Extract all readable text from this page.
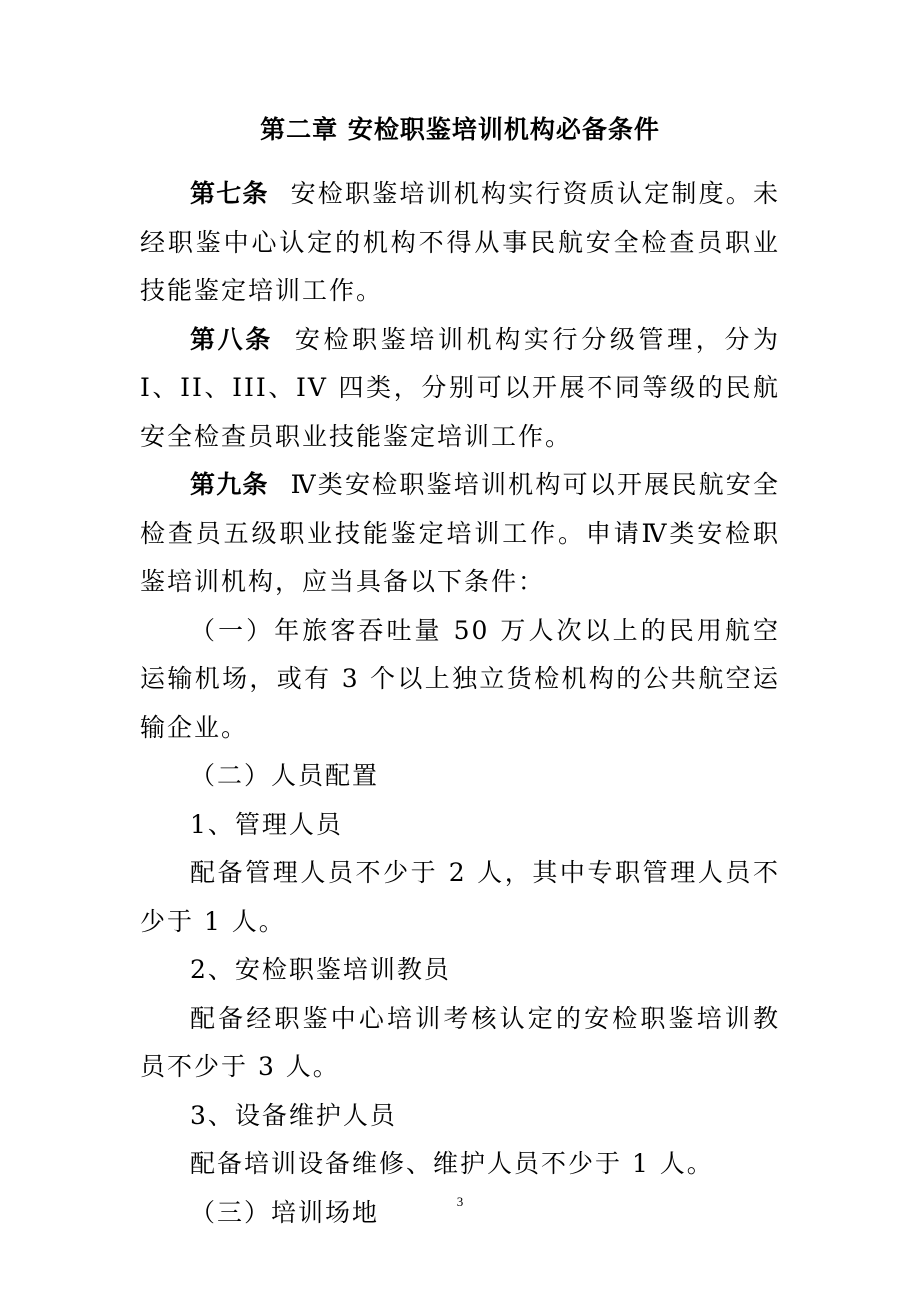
第二章 安检职鉴培训机构必备条件

第七条 安检职鉴培训机构实行资质认定制度。未经职鉴中心认定的机构不得从事民航安全检查员职业技能鉴定培训工作。

第八条 安检职鉴培训机构实行分级管理，分为 I、II、III、IV 四类，分别可以开展不同等级的民航安全检查员职业技能鉴定培训工作。

第九条 Ⅳ类安检职鉴培训机构可以开展民航安全检查员五级职业技能鉴定培训工作。申请Ⅳ类安检职鉴培训机构，应当具备以下条件：

（一）年旅客吞吐量 50 万人次以上的民用航空运输机场，或有 3 个以上独立货检机构的公共航空运输企业。

（二）人员配置

1、管理人员

配备管理人员不少于 2 人，其中专职管理人员不少于 1 人。

2、安检职鉴培训教员

配备经职鉴中心培训考核认定的安检职鉴培训教员不少于 3 人。

3、设备维护人员

配备培训设备维修、维护人员不少于 1 人。

（三）培训场地	3
